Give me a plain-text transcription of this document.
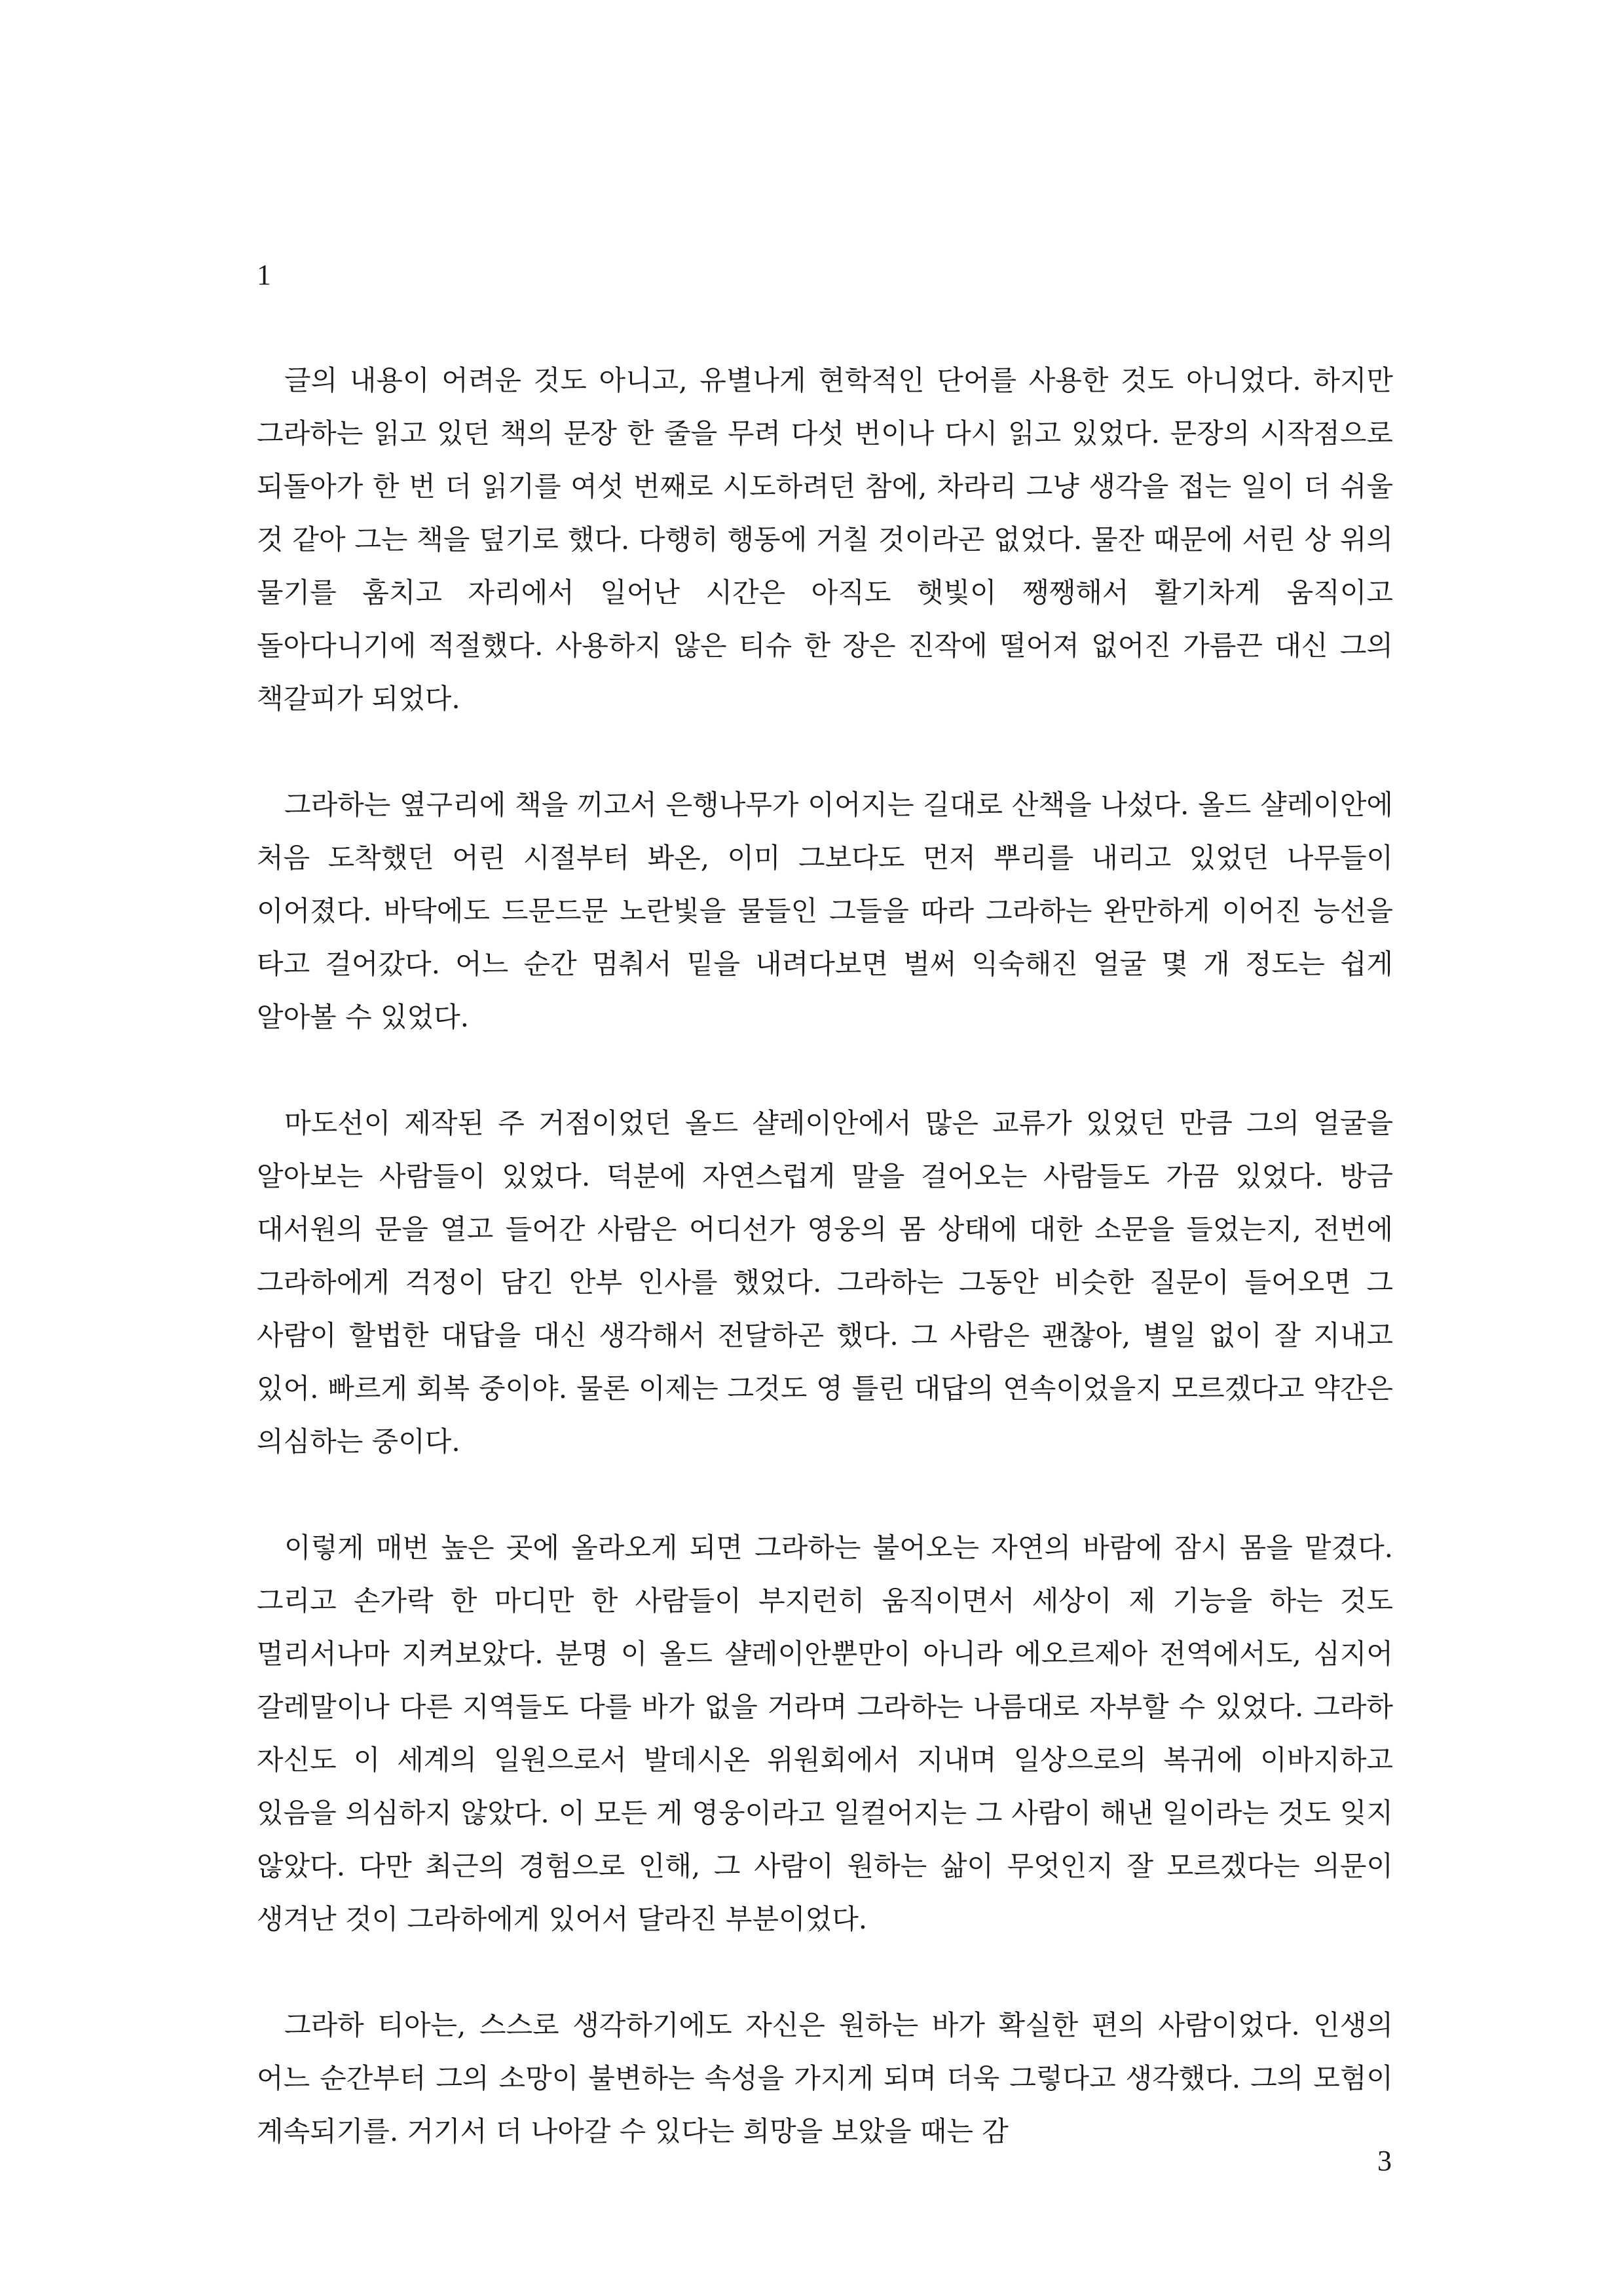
1

글의 내용이 어려운 것도 아니고, 유별나게 현학적인 단어를 사용한 것도 아니었다. 하지만 그라하는 읽고 있던 책의 문장 한 줄을 무려 다섯 번이나 다시 읽고 있었다. 문장의 시작점으로 되돌아가 한 번 더 읽기를 여섯 번째로 시도하려던 참에, 차라리 그냥 생각을 접는 일이 더 쉬울 것 같아 그는 책을 덮기로 했다. 다행히 행동에 거칠 것이라곤 없었다. 물잔 때문에 서린 상 위의 물기를 훔치고 자리에서 일어난 시간은 아직도 햇빛이 쨍쨍해서 활기차게 움직이고 돌아다니기에 적절했다. 사용하지 않은 티슈 한 장은 진작에 떨어져 없어진 가름끈 대신 그의 책갈피가 되었다.

그라하는 옆구리에 책을 끼고서 은행나무가 이어지는 길대로 산책을 나섰다. 올드 샬레이안에 처음 도착했던 어린 시절부터 봐온, 이미 그보다도 먼저 뿌리를 내리고 있었던 나무들이 이어졌다. 바닥에도 드문드문 노란빛을 물들인 그들을 따라 그라하는 완만하게 이어진 능선을 타고 걸어갔다. 어느 순간 멈춰서 밑을 내려다보면 벌써 익숙해진 얼굴 몇 개 정도는 쉽게 알아볼 수 있었다.

마도선이 제작된 주 거점이었던 올드 샬레이안에서 많은 교류가 있었던 만큼 그의 얼굴을 알아보는 사람들이 있었다. 덕분에 자연스럽게 말을 걸어오는 사람들도 가끔 있었다. 방금 대서원의 문을 열고 들어간 사람은 어디선가 영웅의 몸 상태에 대한 소문을 들었는지, 전번에 그라하에게 걱정이 담긴 안부 인사를 했었다. 그라하는 그동안 비슷한 질문이 들어오면 그 사람이 할법한 대답을 대신 생각해서 전달하곤 했다. 그 사람은 괜찮아, 별일 없이 잘 지내고 있어. 빠르게 회복 중이야. 물론 이제는 그것도 영 틀린 대답의 연속이었을지 모르겠다고 약간은 의심하는 중이다.

이렇게 매번 높은 곳에 올라오게 되면 그라하는 불어오는 자연의 바람에 잠시 몸을 맡겼다. 그리고 손가락 한 마디만 한 사람들이 부지런히 움직이면서 세상이 제 기능을 하는 것도 멀리서나마 지켜보았다. 분명 이 올드 샬레이안뿐만이 아니라 에오르제아 전역에서도, 심지어 갈레말이나 다른 지역들도 다를 바가 없을 거라며 그라하는 나름대로 자부할 수 있었다. 그라하 자신도 이 세계의 일원으로서 발데시온 위원회에서 지내며 일상으로의 복귀에 이바지하고 있음을 의심하지 않았다. 이 모든 게 영웅이라고 일컬어지는 그 사람이 해낸 일이라는 것도 잊지 않았다. 다만 최근의 경험으로 인해, 그 사람이 원하는 삶이 무엇인지 잘 모르겠다는 의문이 생겨난 것이 그라하에게 있어서 달라진 부분이었다.

그라하 티아는, 스스로 생각하기에도 자신은 원하는 바가 확실한 편의 사람이었다. 인생의 어느 순간부터 그의 소망이 불변하는 속성을 가지게 되며 더욱 그렇다고 생각했다. 그의 모험이 계속되기를. 거기서 더 나아갈 수 있다는 희망을 보았을 때는 감

3
